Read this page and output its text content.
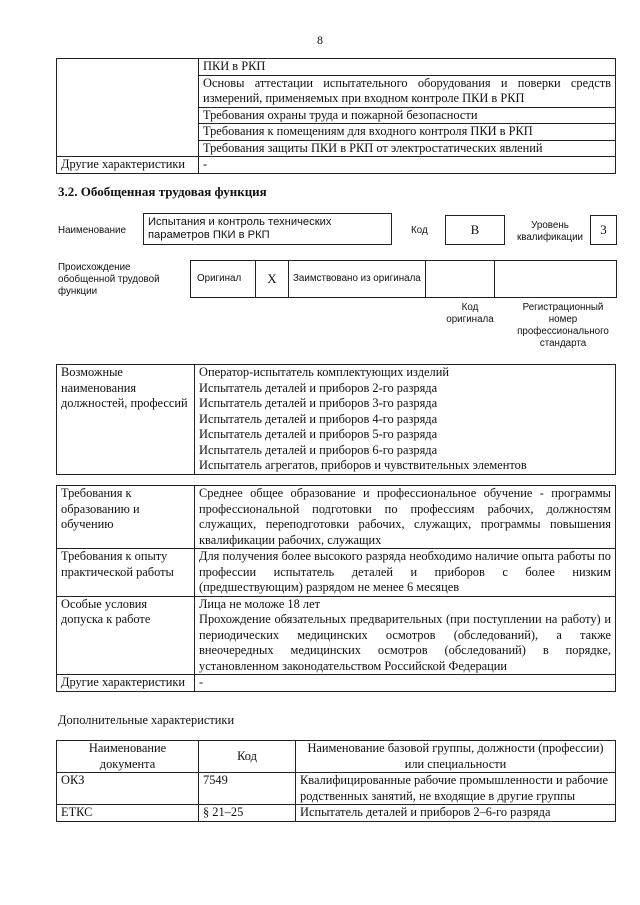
8
	ПКИ в РКП
	Основы аттестации испытательного оборудования и поверки средств измерений, применяемых при входном контроле ПКИ в РКП
	Требования охраны труда и пожарной безопасности
	Требования к помещениям для входного контроля ПКИ в РКП
	Требования защиты ПКИ в РКП от электростатических явлений
Другие характеристики	-
3.2. Обобщенная трудовая функция
Наименование
Испытания и контроль технических параметров ПКИ в РКП	Код	B	Уровень квалификации
3
Происхождение обобщенной трудовой функции
Оригинал	X	Заимствовано из оригинала		
Код оригинала
Регистрационный номер профессионального стандарта
Возможные наименования должностей, профессий	Оператор-испытатель комплектующих изделий
Испытатель деталей и приборов 2-го разряда
Испытатель деталей и приборов 3-го разряда
Испытатель деталей и приборов 4-го разряда
Испытатель деталей и приборов 5-го разряда
Испытатель деталей и приборов 6-го разряда
Испытатель агрегатов, приборов и чувствительных элементов
Требования к образованию и обучению	Среднее общее образование и профессиональное обучение - программы профессиональной подготовки по профессиям рабочих, должностям служащих, переподготовки рабочих, служащих, программы повышения квалификации рабочих, служащих
Требования к опыту практической работы	Для получения более высокого разряда необходимо наличие опыта работы по профессии испытатель деталей и приборов с более низким (предшествующим) разрядом не менее 6 месяцев
Особые условия допуска к работе	Лица не моложе 18 лет
Прохождение обязательных предварительных (при поступлении на работу) и периодических медицинских осмотров (обследований), а также внеочередных медицинских осмотров (обследований) в порядке, установленном законодательством Российской Федерации

Другие характеристики	-
Дополнительные характеристики
Наименование документа	Код	Наименование базовой группы, должности (профессии) или специальности
ОКЗ	7549	Квалифицированные рабочие промышленности и рабочие родственных занятий, не входящие в другие группы
ЕТКС	§ 21–25	Испытатель деталей и приборов 2–6-го разряда
